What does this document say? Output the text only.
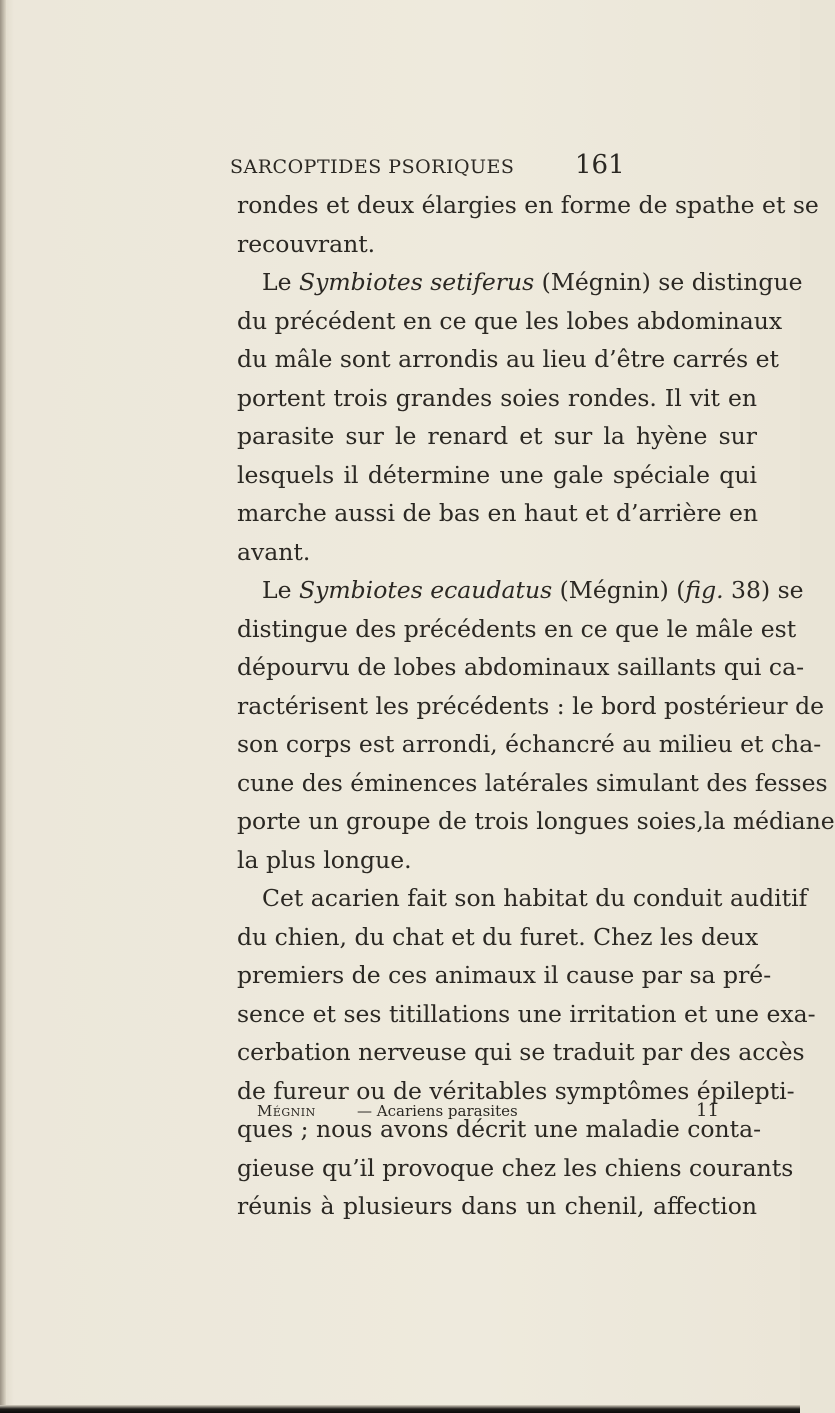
SARCOPTIDES PSORIQUES 161
rondes et deux élargies en forme de spathe et se
recouvrant.
Le Symbiotes setiferus (Mégnin) se distingue
du précédent en ce que les lobes abdominaux
du mâle sont arrondis au lieu d’être carrés et
portent trois grandes soies rondes. Il vit en
parasite sur le renard et sur la hyène sur
lesquels il détermine une gale spéciale qui
marche aussi de bas en haut et d’arrière en
avant.
Le Symbiotes ecaudatus (Mégnin) (fig. 38) se
distingue des précédents en ce que le mâle est
dépourvu de lobes abdominaux saillants qui ca-
ractérisent les précédents : le bord postérieur de
son corps est arrondi, échancré au milieu et cha-
cune des éminences latérales simulant des fesses
porte un groupe de trois longues soies,la médiane
la plus longue.
Cet acarien fait son habitat du conduit auditif
du chien, du chat et du furet. Chez les deux
premiers de ces animaux il cause par sa pré-
sence et ses titillations une irritation et une exa-
cerbation nerveuse qui se traduit par des accès
de fureur ou de véritables symptômes épilepti-
ques ; nous avons décrit une maladie conta-
gieuse qu’il provoque chez les chiens courants
réunis à plusieurs dans un chenil, affection
Mégnin	— Acariens parasites	11
